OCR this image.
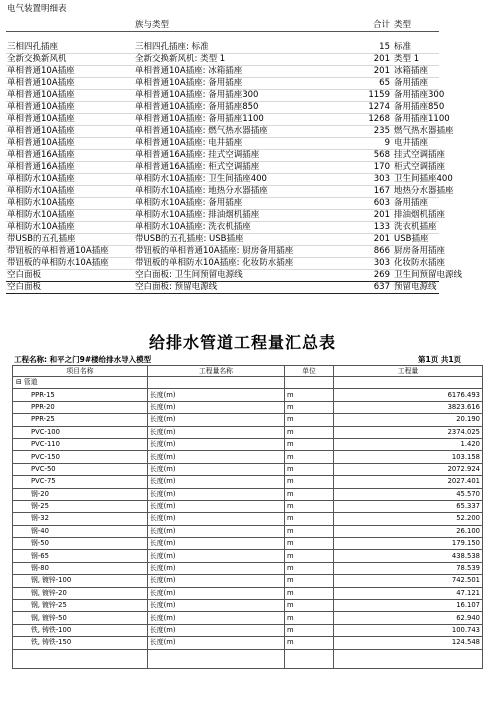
电气装置明细表			
	族与类型	合计	类型

三相四孔插座	三相四孔插座: 标准	15	标准
全新交换新风机	全新交换新风机: 类型 1	201	类型 1
单相普通10A插座	单相普通10A插座: 冰箱插座	201	冰箱插座
单相普通10A插座	单相普通10A插座: 备用插座	65	备用插座
单相普通10A插座	单相普通10A插座: 备用插座300	1159	备用插座300
单相普通10A插座	单相普通10A插座: 备用插座850	1274	备用插座850
单相普通10A插座	单相普通10A插座: 备用插座1100	1268	备用插座1100
单相普通10A插座	单相普通10A插座: 燃气热水器插座	235	燃气热水器插座
单相普通10A插座	单相普通10A插座: 电井插座	9	电井插座
单相普通16A插座	单相普通16A插座: 挂式空调插座	568	挂式空调插座
单相普通16A插座	单相普通16A插座: 柜式空调插座	170	柜式空调插座
单相防水10A插座	单相防水10A插座: 卫生间插座400	303	卫生间插座400
单相防水10A插座	单相防水10A插座: 地热分水器插座	167	地热分水器插座
单相防水10A插座	单相防水10A插座: 备用插座	603	备用插座
单相防水10A插座	单相防水10A插座: 排油烟机插座	201	排油烟机插座
单相防水10A插座	单相防水10A插座: 洗衣机插座	133	洗衣机插座
带USB的五孔插座	带USB的五孔插座: USB插座	201	USB插座
带钮板的单相普通10A插座	带钮板的单相普通10A插座: 厨房备用插座	866	厨房备用插座
带钮板的单相防水10A插座	带钮板的单相防水10A插座: 化妆防水插座	303	化妆防水插座
空白面板	空白面板: 卫生间预留电源线	269	卫生间预留电源线
空白面板	空白面板: 预留电源线	637	预留电源线
给排水管道工程量汇总表
工程名称: 和平之门9#楼给排水导入模型	第1页 共1页
项目名称	工程量名称	单位	工程量
⊟ 管道			
PPR-15	长度(m)	m	6176.493
PPR-20	长度(m)	m	3823.616
PPR-25	长度(m)	m	20.190
PVC-100	长度(m)	m	2374.025
PVC-110	长度(m)	m	1.420
PVC-150	长度(m)	m	103.158
PVC-50	长度(m)	m	2072.924
PVC-75	长度(m)	m	2027.401
钢-20	长度(m)	m	45.570
钢-25	长度(m)	m	65.337
钢-32	长度(m)	m	52.200
钢-40	长度(m)	m	26.100
钢-50	长度(m)	m	179.150
钢-65	长度(m)	m	438.538
钢-80	长度(m)	m	78.539
钢, 镀锌-100	长度(m)	m	742.501
钢, 镀锌-20	长度(m)	m	47.121
钢, 镀锌-25	长度(m)	m	16.107
钢, 镀锌-50	长度(m)	m	62.940
铁, 铸铁-100	长度(m)	m	100.743
铁, 铸铁-150	长度(m)	m	124.548
